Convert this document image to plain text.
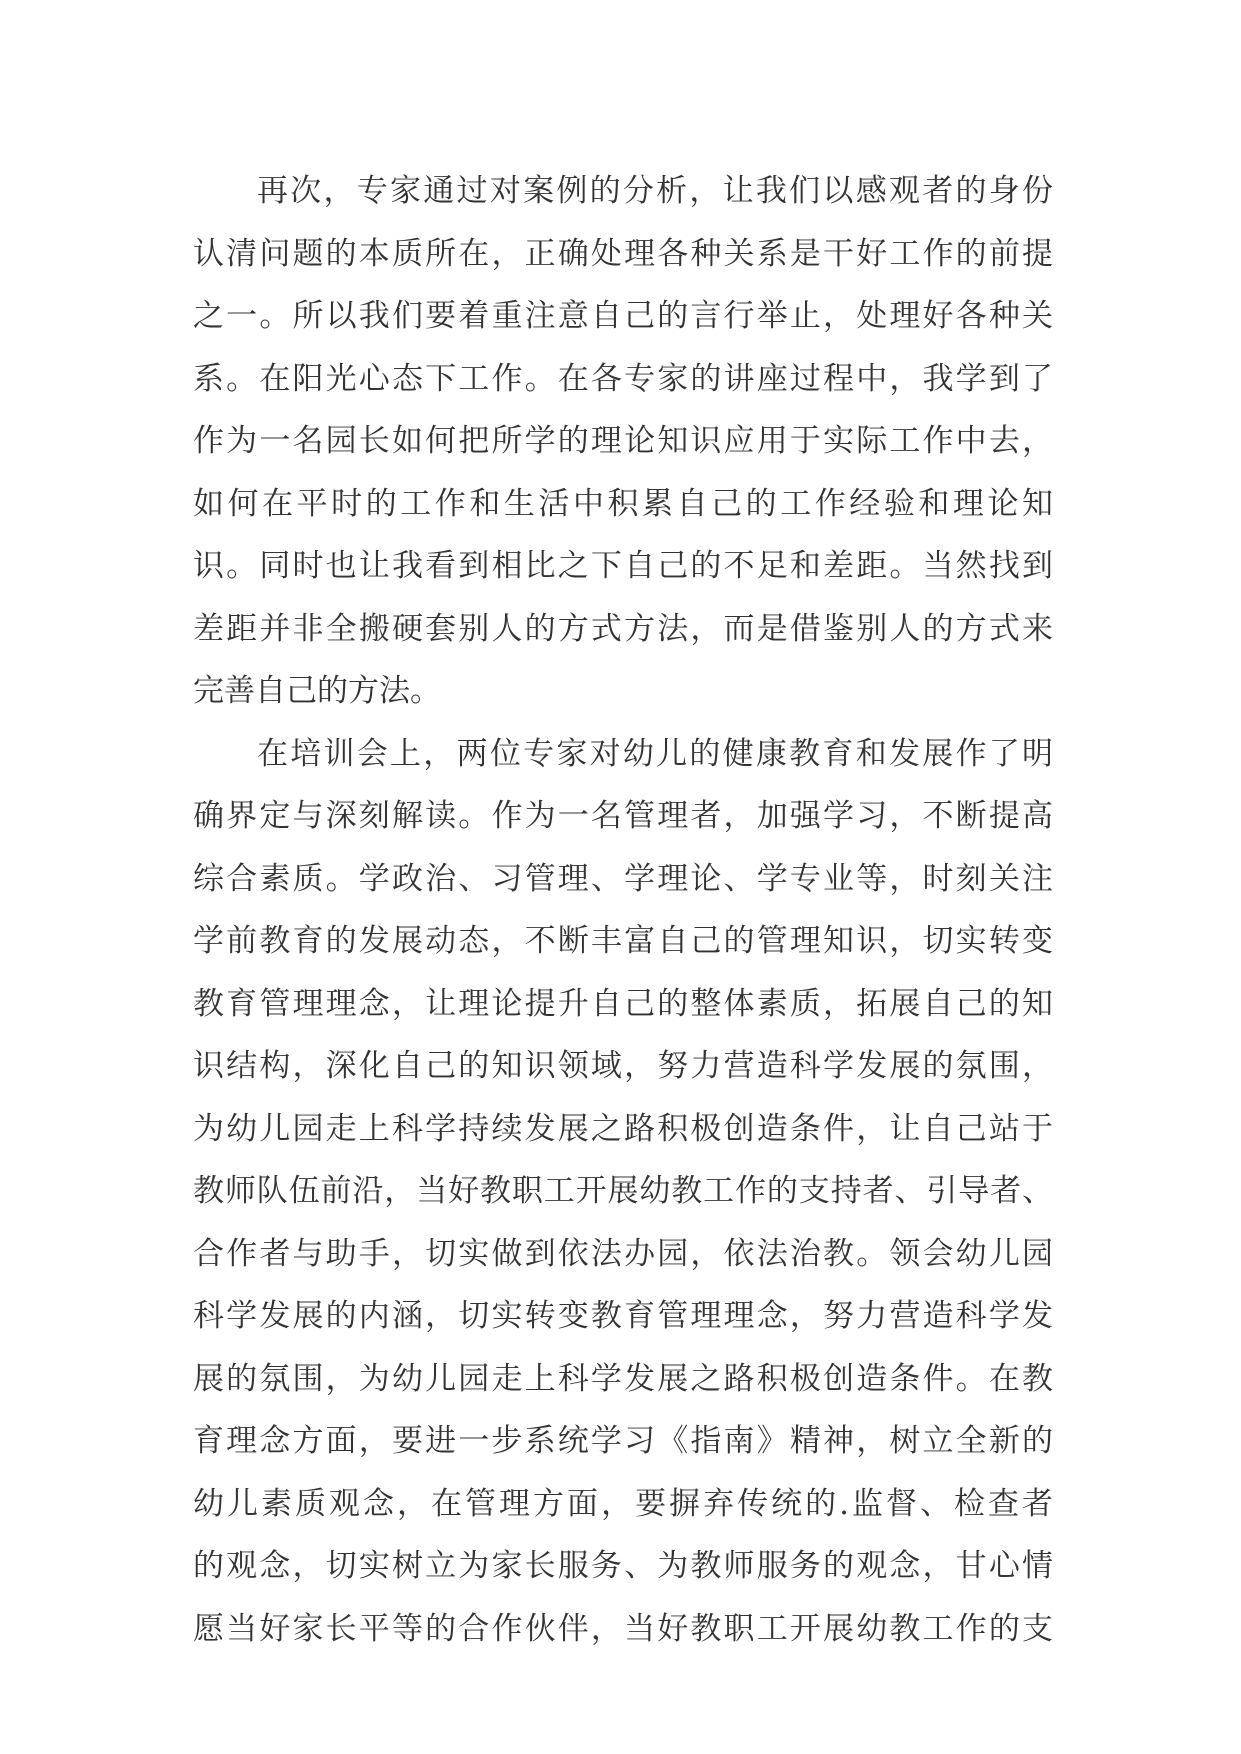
再次，专家通过对案例的分析，让我们以感观者的身份
认清问题的本质所在，正确处理各种关系是干好工作的前提
之一。所以我们要着重注意自己的言行举止，处理好各种关
系。在阳光心态下工作。在各专家的讲座过程中，我学到了
作为一名园长如何把所学的理论知识应用于实际工作中去，
如何在平时的工作和生活中积累自己的工作经验和理论知
识。同时也让我看到相比之下自己的不足和差距。当然找到
差距并非全搬硬套别人的方式方法，而是借鉴别人的方式来
完善自己的方法。
在培训会上，两位专家对幼儿的健康教育和发展作了明
确界定与深刻解读。作为一名管理者，加强学习，不断提高
综合素质。学政治、习管理、学理论、学专业等，时刻关注
学前教育的发展动态，不断丰富自己的管理知识，切实转变
教育管理理念，让理论提升自己的整体素质，拓展自己的知
识结构，深化自己的知识领域，努力营造科学发展的氛围，
为幼儿园走上科学持续发展之路积极创造条件，让自己站于
教师队伍前沿，当好教职工开展幼教工作的支持者、引导者、
合作者与助手，切实做到依法办园，依法治教。领会幼儿园
科学发展的内涵，切实转变教育管理理念，努力营造科学发
展的氛围，为幼儿园走上科学发展之路积极创造条件。在教
育理念方面，要进一步系统学习《指南》精神，树立全新的
幼儿素质观念，在管理方面，要摒弃传统的.监督、检查者
的观念，切实树立为家长服务、为教师服务的观念，甘心情
愿当好家长平等的合作伙伴，当好教职工开展幼教工作的支
